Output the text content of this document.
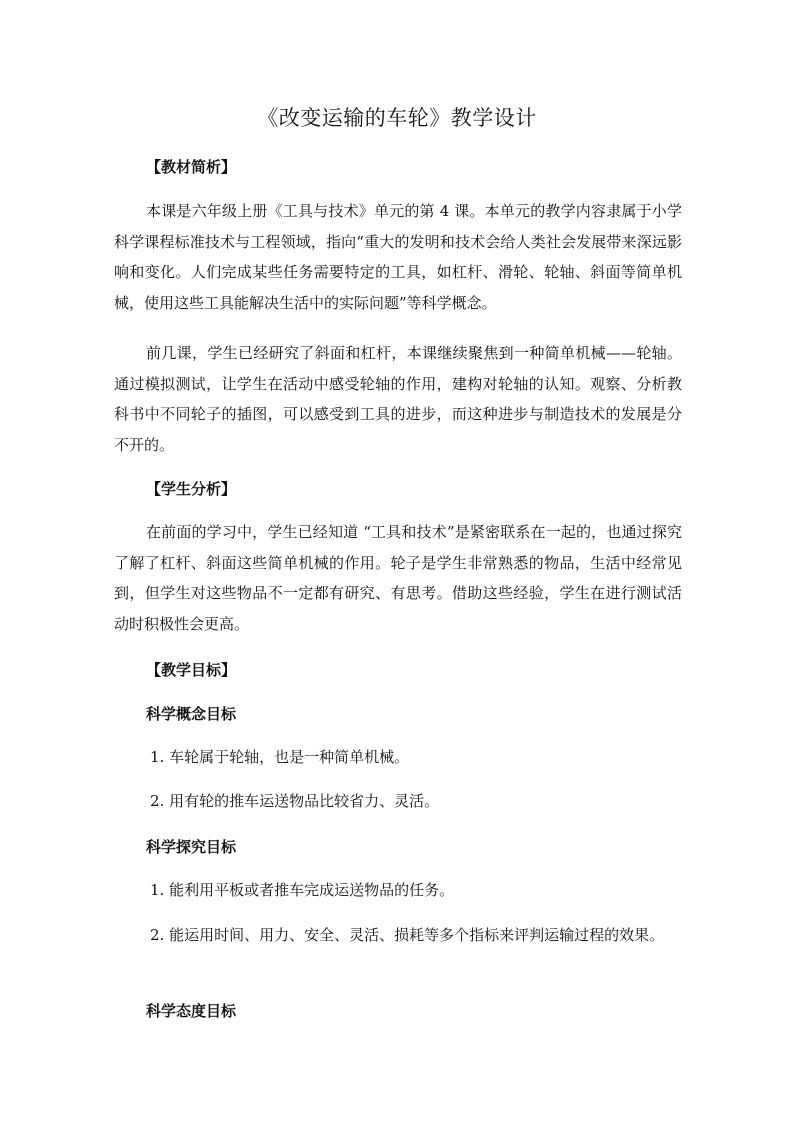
《改变运输的车轮》教学设计
【教材简析】

本课是六年级上册《工具与技术》单元的第 4 课。本单元的教学内容隶属于小学科学课程标准技术与工程领域，指向“重大的发明和技术会给人类社会发展带来深远影响和变化。人们完成某些任务需要特定的工具，如杠杆、滑轮、轮轴、斜面等简单机械，使用这些工具能解决生活中的实际问题”等科学概念。

前几课，学生已经研究了斜面和杠杆，本课继续聚焦到一种简单机械——轮轴。通过模拟测试，让学生在活动中感受轮轴的作用，建构对轮轴的认知。观察、分析教科书中不同轮子的插图，可以感受到工具的进步，而这种进步与制造技术的发展是分不开的。

【学生分析】

在前面的学习中，学生已经知道 “工具和技术”是紧密联系在一起的，也通过探究了解了杠杆、斜面这些简单机械的作用。轮子是学生非常熟悉的物品，生活中经常见到，但学生对这些物品不一定都有研究、有思考。借助这些经验，学生在进行测试活动时积极性会更高。

【教学目标】
科学概念目标

1. 车轮属于轮轴，也是一种简单机械。

2. 用有轮的推车运送物品比较省力、灵活。

科学探究目标

1. 能利用平板或者推车完成运送物品的任务。

2. 能运用时间、用力、安全、灵活、损耗等多个指标来评判运输过程的效果。

科学态度目标
